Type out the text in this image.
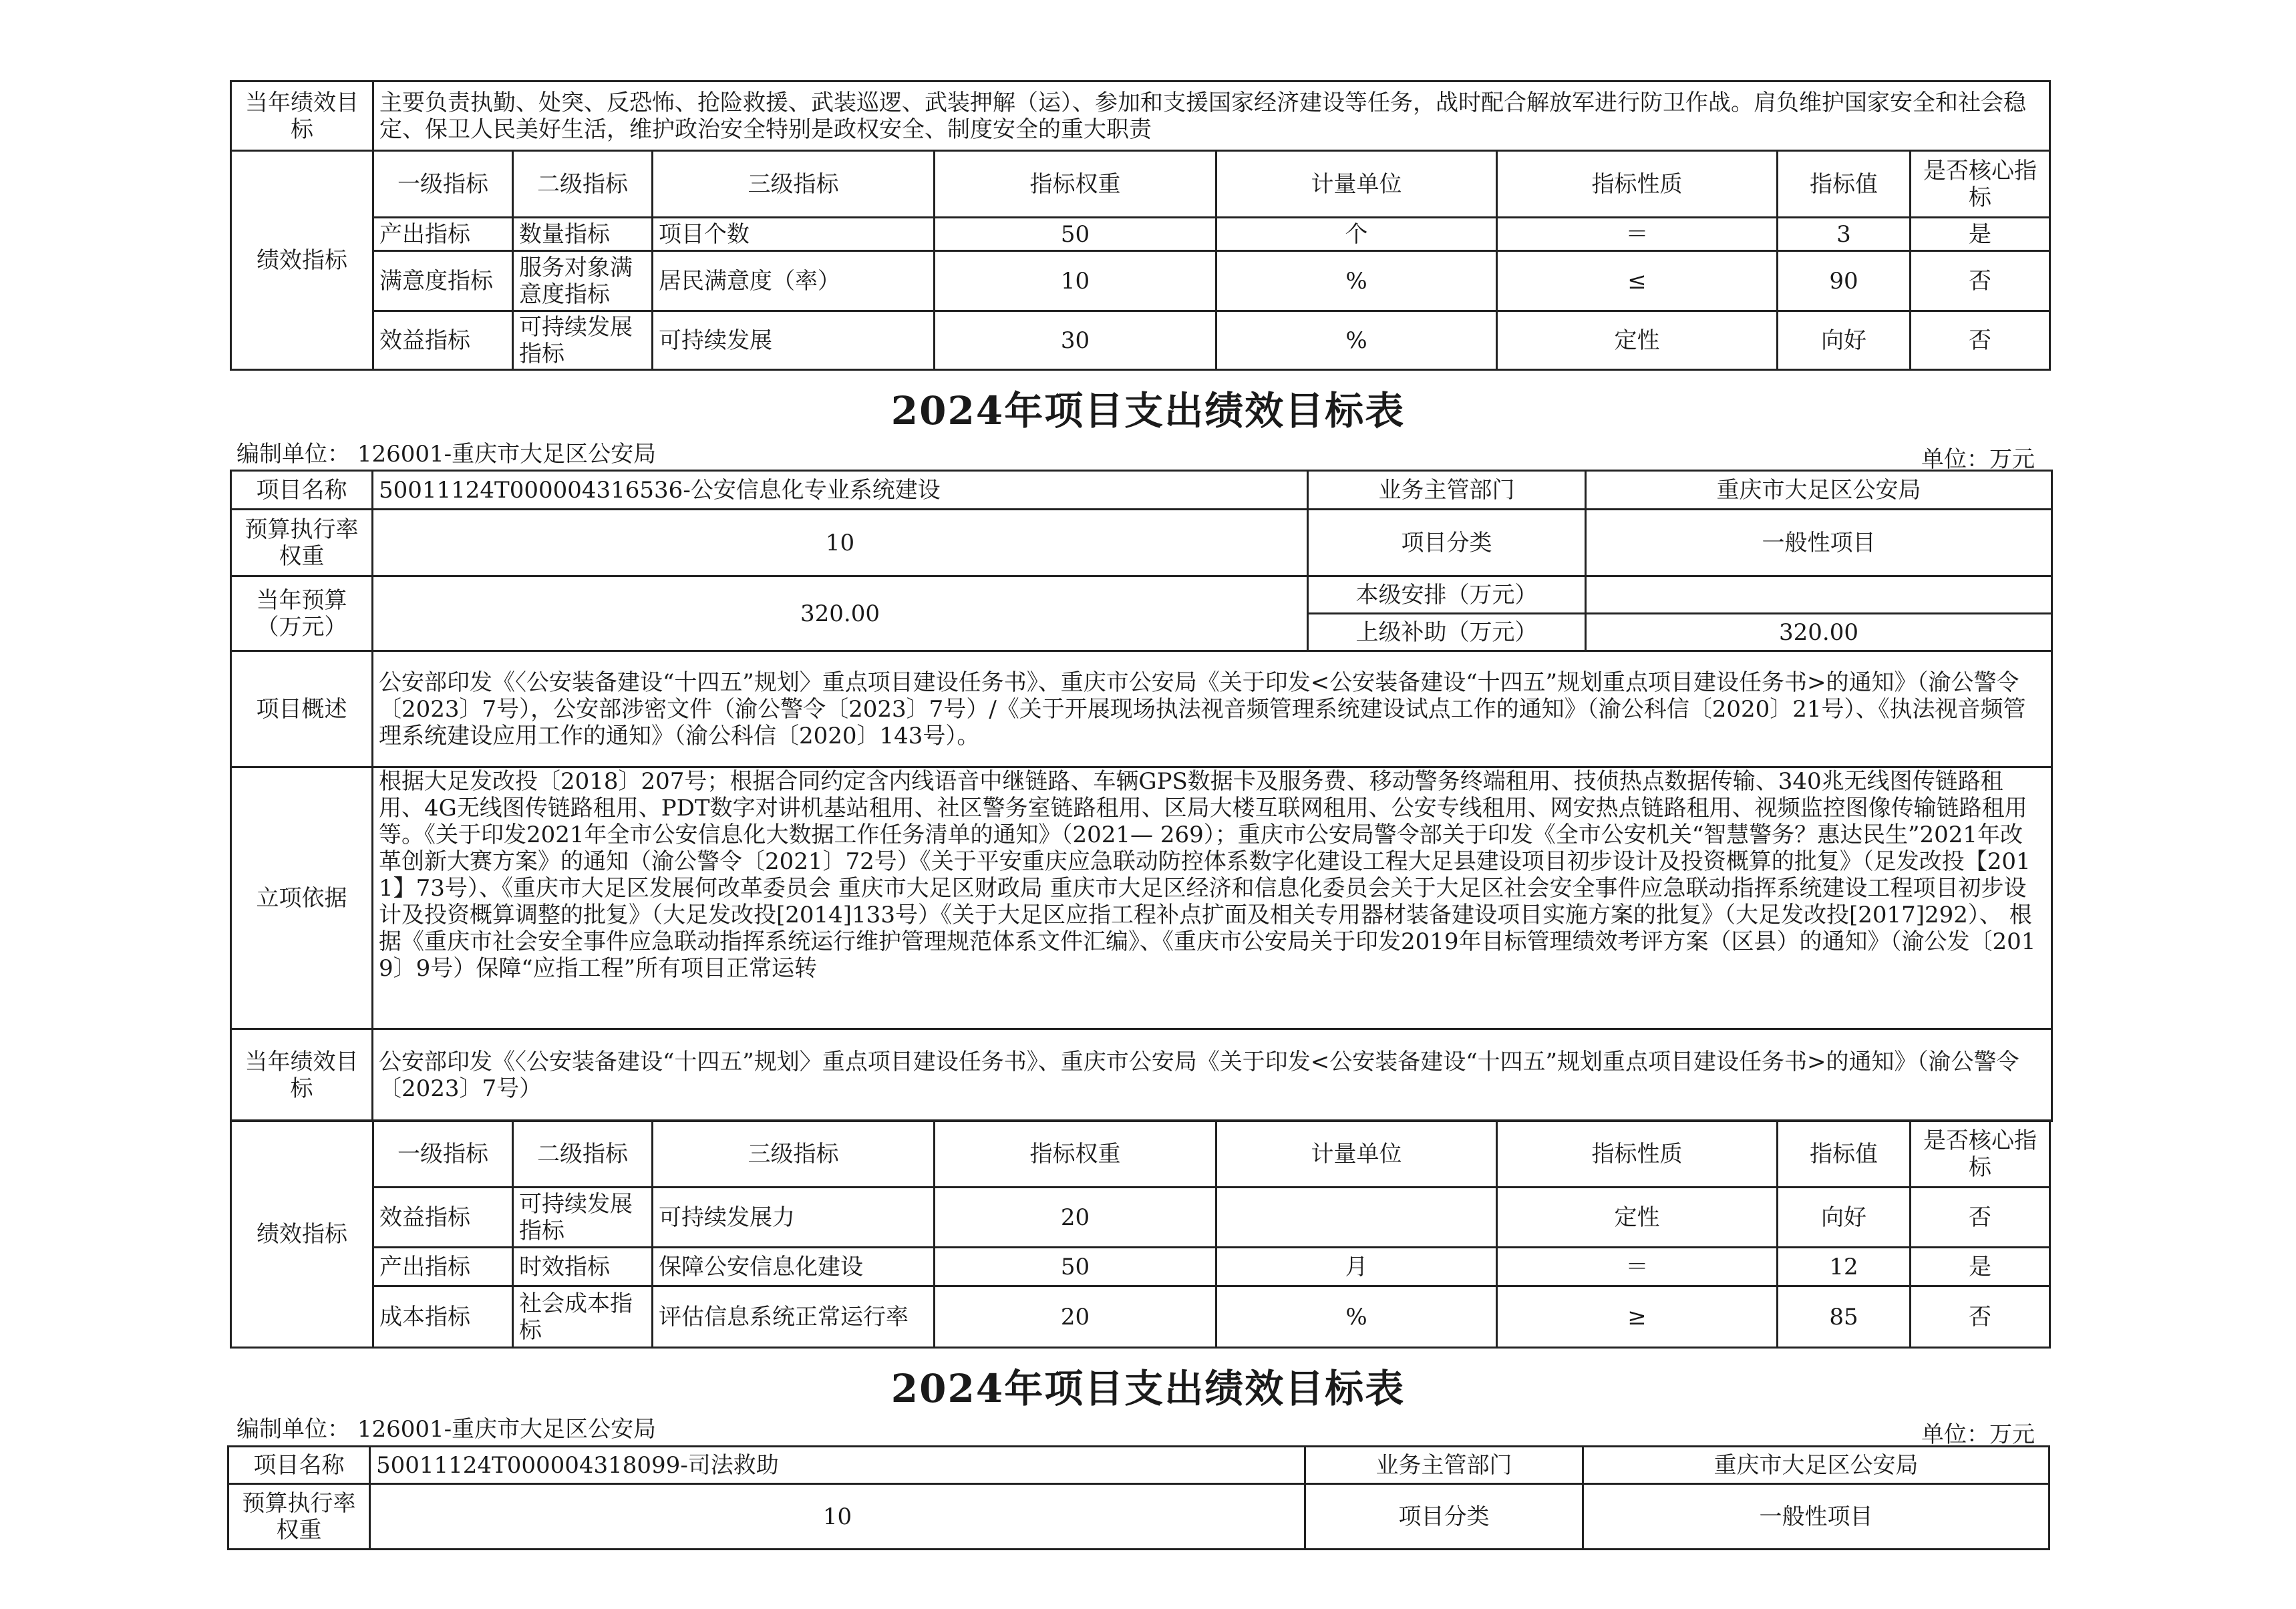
当年绩效目标	主要负责执勤、处突、反恐怖、抢险救援、武装巡逻、武装押解（运）、参加和支援国家经济建设等任务，战时配合解放军进行防卫作战。肩负维护国家安全和社会稳定、保卫人民美好生活，维护政治安全特别是政权安全、制度安全的重大职责							
绩效指标	一级指标	二级指标	三级指标	指标权重	计量单位	指标性质	指标值	是否核心指标
	产出指标	数量指标	项目个数	50	个	＝	3	是
	满意度指标	服务对象满意度指标	居民满意度（率）	10	%	≤	90	否
	效益指标	可持续发展指标	可持续发展	30	%	定性	向好	否
2024年项目支出绩效目标表
编制单位： 126001-重庆市大足区公安局	单位：万元
项目名称	50011124T000004316536-公安信息化专业系统建设	业务主管部门	重庆市大足区公安局
预算执行率权重	10	项目分类	一般性项目
当年预算（万元）	320.00	本级安排（万元）	
		上级补助（万元）	320.00
项目概述	公安部印发《〈公安装备建设“十四五”规划〉重点项目建设任务书》、重庆市公安局《关于印发<公安装备建设“十四五”规划重点项目建设任务书>的通知》（渝公警令〔2023〕7号），公安部涉密文件（渝公警令〔2023〕7号）/《关于开展现场执法视音频管理系统建设试点工作的通知》（渝公科信〔2020〕21号）、《执法视音频管理系统建设应用工作的通知》（渝公科信〔2020〕143号）。		
立项依据	根据大足发改投〔2018〕207号；根据合同约定含内线语音中继链路、车辆GPS数据卡及服务费、移动警务终端租用、技侦热点数据传输、340兆无线图传链路租用、4G无线图传链路租用、PDT数字对讲机基站租用、社区警务室链路租用、区局大楼互联网租用、公安专线租用、网安热点链路租用、视频监控图像传输链路租用等。《关于印发2021年全市公安信息化大数据工作任务清单的通知》（2021— 269）；重庆市公安局警令部关于印发《全市公安机关“智慧警务？惠达民生”2021年改革创新大赛方案》的通知（渝公警令〔2021〕72号）《关于平安重庆应急联动防控体系数字化建设工程大足县建设项目初步设计及投资概算的批复》（足发改投【2011】73号）、《重庆市大足区发展何改革委员会 重庆市大足区财政局 重庆市大足区经济和信息化委员会关于大足区社会安全事件应急联动指挥系统建设工程项目初步设计及投资概算调整的批复》（大足发改投[2014]133号）《关于大足区应指工程补点扩面及相关专用器材装备建设项目实施方案的批复》（大足发改投[2017]292）、 根据《重庆市社会安全事件应急联动指挥系统运行维护管理规范体系文件汇编》、《重庆市公安局关于印发2019年目标管理绩效考评方案（区县）的通知》（渝公发〔2019〕9号）保障“应指工程”所有项目正常运转		
当年绩效目标	公安部印发《〈公安装备建设“十四五”规划〉重点项目建设任务书》、重庆市公安局《关于印发<公安装备建设“十四五”规划重点项目建设任务书>的通知》（渝公警令〔2023〕7号）		
绩效指标	一级指标	二级指标	三级指标	指标权重	计量单位	指标性质	指标值	是否核心指标
	效益指标	可持续发展指标	可持续发展力	20		定性	向好	否
	产出指标	时效指标	保障公安信息化建设	50	月	＝	12	是
	成本指标	社会成本指标	评估信息系统正常运行率	20	%	≥	85	否
2024年项目支出绩效目标表
编制单位： 126001-重庆市大足区公安局	单位：万元
项目名称	50011124T000004318099-司法救助	业务主管部门	重庆市大足区公安局
预算执行率权重	10	项目分类	一般性项目
